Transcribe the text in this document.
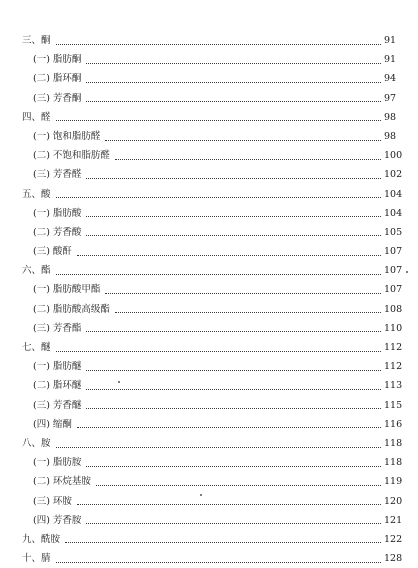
三、酮	91
(一) 脂肪酮	91
(二) 脂环酮	94
(三) 芳香酮	97
四、醛	98
(一) 饱和脂肪醛	98
(二) 不饱和脂肪醛	100
(三) 芳香醛	102
五、酸	104
(一) 脂肪酸	104
(二) 芳香酸	105
(三) 酸酐	107
六、酯	107
(一) 脂肪酸甲酯	107
(二) 脂肪酸高级酯	108
(三) 芳香酯	110
七、醚	112
(一) 脂肪醚	112
(二) 脂环醚	113
(三) 芳香醚	115
(四) 缩酮	116
八、胺	118
(一) 脂肪胺	118
(二) 环烷基胺	119
(三) 环胺	120
(四) 芳香胺	121
九、酰胺	122
十、腈	128
